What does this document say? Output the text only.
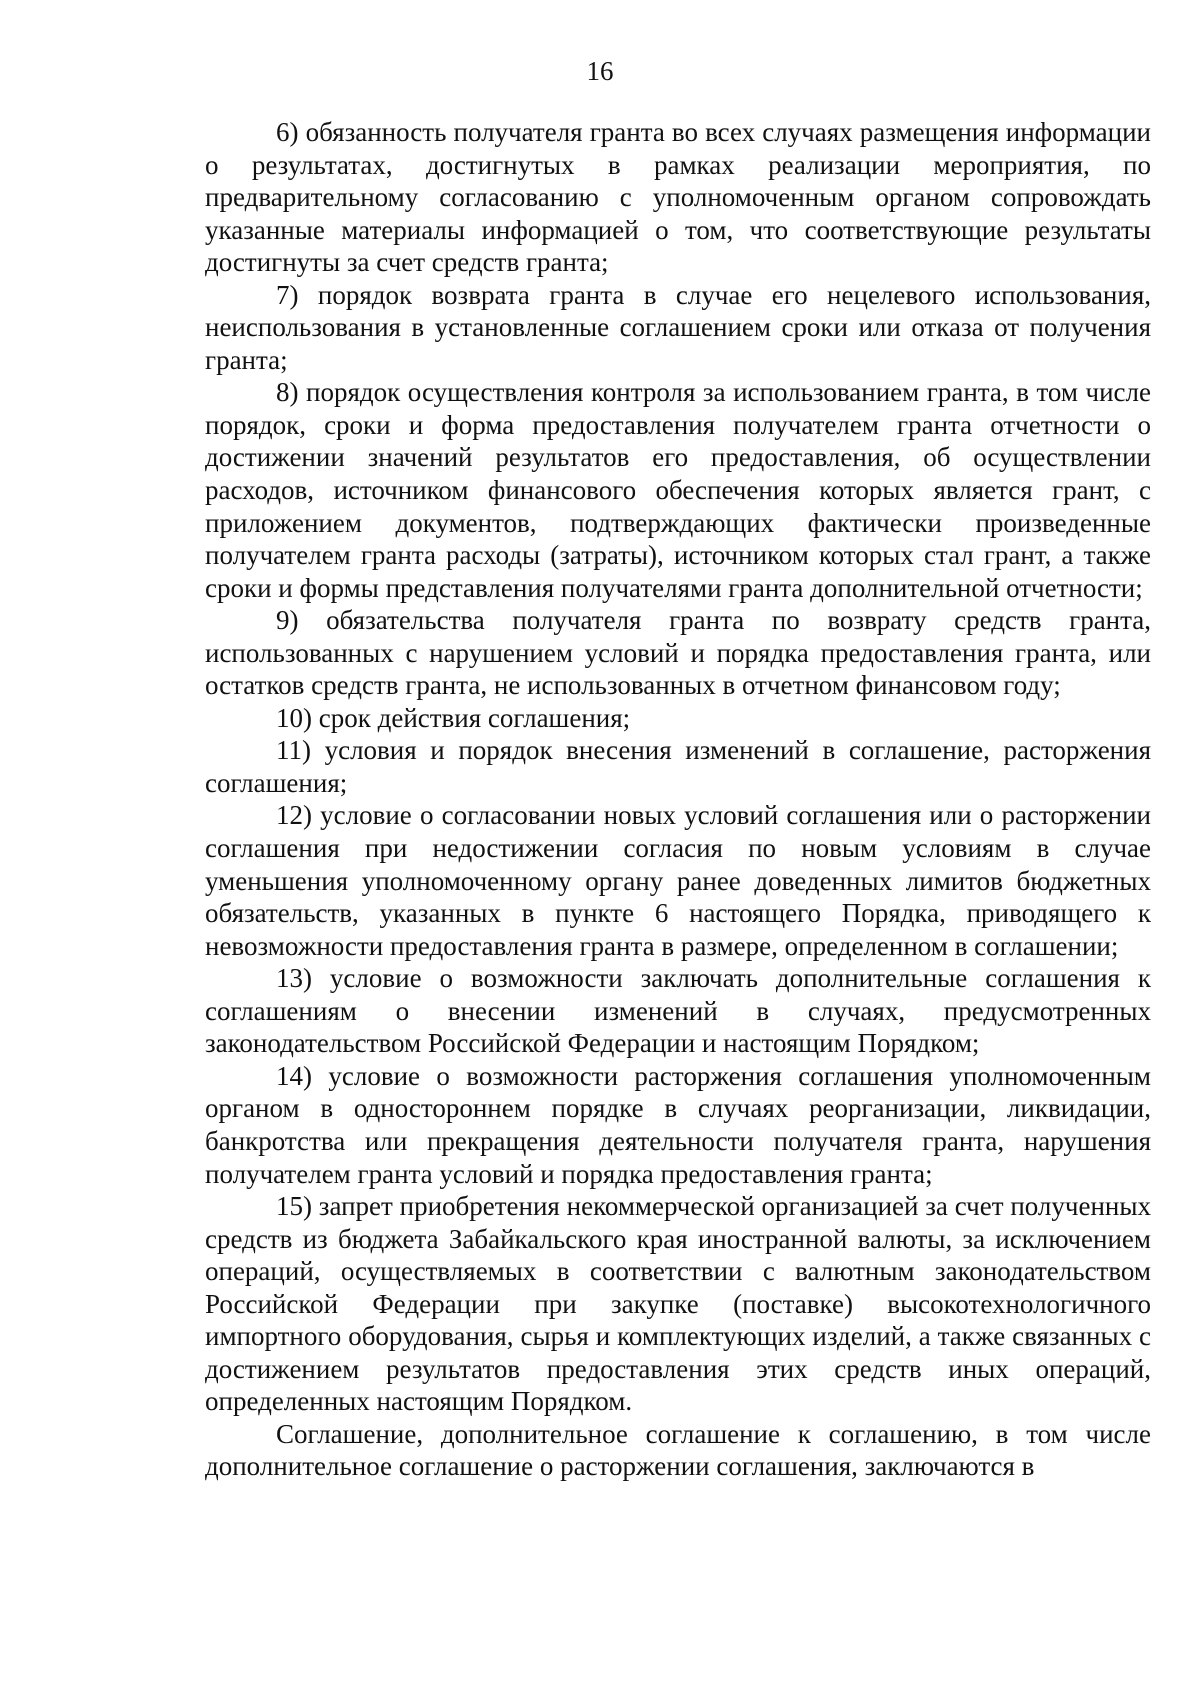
16

6) обязанность получателя гранта во всех случаях размещения информации о результатах, достигнутых в рамках реализации мероприятия, по предварительному согласованию с уполномоченным органом сопровождать указанные материалы информацией о том, что соответствующие результаты достигнуты за счет средств гранта;

7) порядок возврата гранта в случае его нецелевого использования, неиспользования в установленные соглашением сроки или отказа от получения гранта;

8) порядок осуществления контроля за использованием гранта, в том числе порядок, сроки и форма предоставления получателем гранта отчетности о достижении значений результатов его предоставления, об осуществлении расходов, источником финансового обеспечения которых является грант, с приложением документов, подтверждающих фактически произведенные получателем гранта расходы (затраты), источником которых стал грант, а также сроки и формы представления получателями гранта дополнительной отчетности;

9) обязательства получателя гранта по возврату средств гранта, использованных с нарушением условий и порядка предоставления гранта, или остатков средств гранта, не использованных в отчетном финансовом году;

10) срок действия соглашения;

11) условия и порядок внесения изменений в соглашение, расторжения соглашения;

12) условие о согласовании новых условий соглашения или о расторжении соглашения при недостижении согласия по новым условиям в случае уменьшения уполномоченному органу ранее доведенных лимитов бюджетных обязательств, указанных в пункте 6 настоящего Порядка, приводящего к невозможности предоставления гранта в размере, определенном в соглашении;

13) условие о возможности заключать дополнительные соглашения к соглашениям о внесении изменений в случаях, предусмотренных законодательством Российской Федерации и настоящим Порядком;

14) условие о возможности расторжения соглашения уполномоченным органом в одностороннем порядке в случаях реорганизации, ликвидации, банкротства или прекращения деятельности получателя гранта, нарушения получателем гранта условий и порядка предоставления гранта;

15) запрет приобретения некоммерческой организацией за счет полученных средств из бюджета Забайкальского края иностранной валюты, за исключением операций, осуществляемых в соответствии с валютным законодательством Российской Федерации при закупке (поставке) высокотехнологичного импортного оборудования, сырья и комплектующих изделий, а также связанных с достижением результатов предоставления этих средств иных операций, определенных настоящим Порядком.

Соглашение, дополнительное соглашение к соглашению, в том числе дополнительное соглашение о расторжении соглашения, заключаются в
